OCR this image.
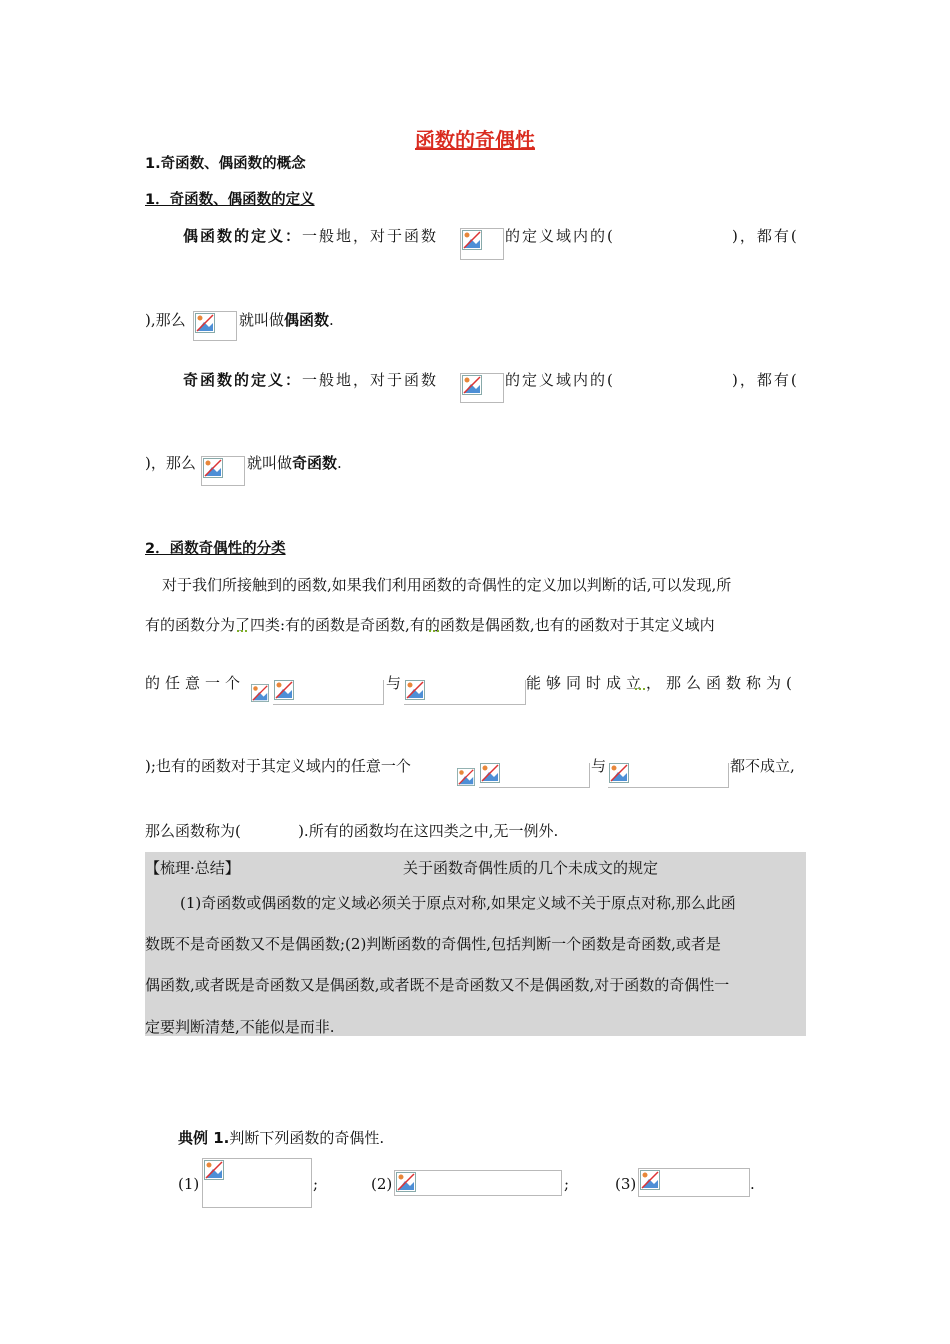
函数的奇偶性
1.奇函数、偶函数的概念
1．奇函数、偶函数的定义
偶函数的定义：一般地，对于函数	的定义域内的(	)，都有(
),那么	就叫做偶函数.
奇函数的定义：一般地，对于函数	的定义域内的(	)，都有(
)，那么	就叫做奇函数.
2．函数奇偶性的分类
对于我们所接触到的函数,如果我们利用函数的奇偶性的定义加以判断的话,可以发现,所
有的函数分为了四类:有的函数是奇函数,有的函数是偶函数,也有的函数对于其定义域内
的任意一个	与	能够同时成立，那么函数称为(
);也有的函数对于其定义域内的任意一个	与	都不成立,
那么函数称为(            ).所有的函数均在这四类之中,无一例外.
【梳理·总结】	关于函数奇偶性质的几个未成文的规定
(1)奇函数或偶函数的定义域必须关于原点对称,如果定义域不关于原点对称,那么此函
数既不是奇函数又不是偶函数;(2)判断函数的奇偶性,包括判断一个函数是奇函数,或者是
偶函数,或者既是奇函数又是偶函数,或者既不是奇函数又不是偶函数,对于函数的奇偶性一
定要判断清楚,不能似是而非.
典例 1.判断下列函数的奇偶性.
(1)	;	(2)	;	(3)	.
